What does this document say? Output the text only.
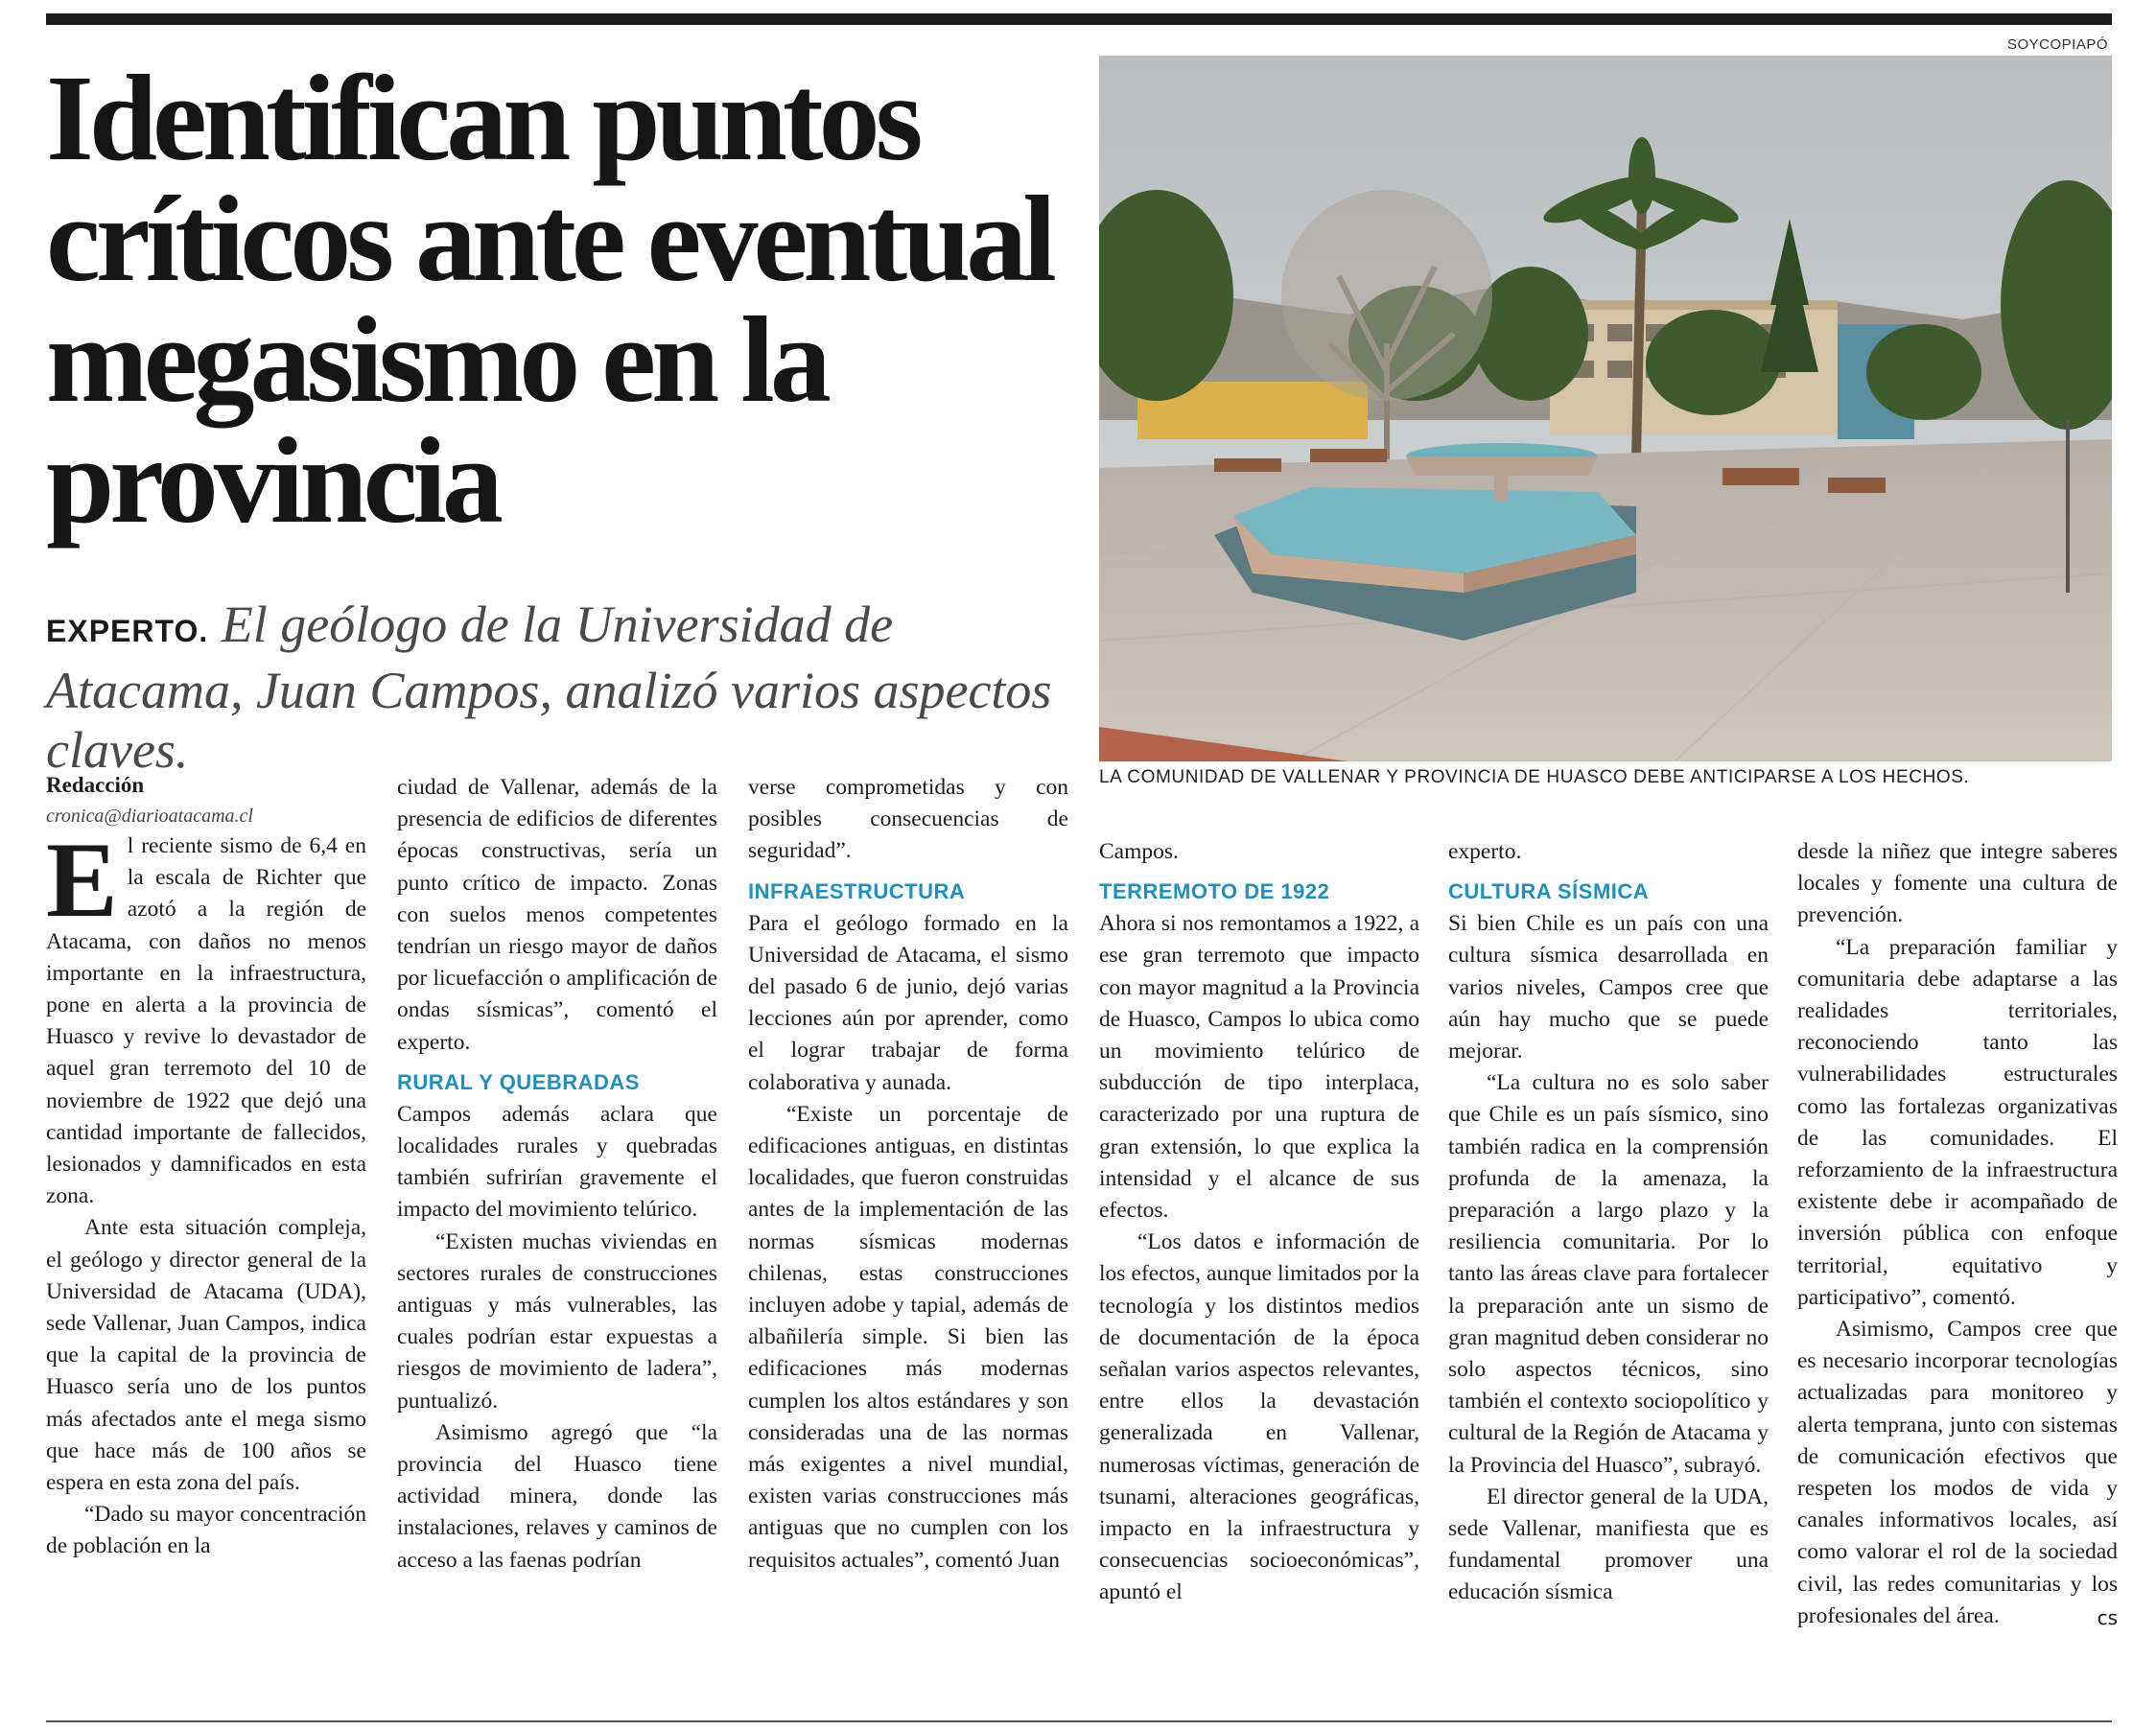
Identifican puntos críticos ante eventual megasismo en la provincia
EXPERTO. El geólogo de la Universidad de Atacama, Juan Campos, analizó varios aspectos claves.
SOYCOPIAPÓ
LA COMUNIDAD DE VALLENAR Y PROVINCIA DE HUASCO DEBE ANTICIPARSE A LOS HECHOS.

Redacción

cronica@diarioatacama.cl

El reciente sismo de 6,4 en la escala de Richter que azotó a la región de Atacama, con daños no menos importante en la infraestructura, pone en alerta a la provincia de Huasco y revive lo devastador de aquel gran terremoto del 10 de noviembre de 1922 que dejó una cantidad importante de fallecidos, lesionados y damnificados en esta zona.

Ante esta situación compleja, el geólogo y director general de la Universidad de Atacama (UDA), sede Vallenar, Juan Campos, indica que la capital de la provincia de Huasco sería uno de los puntos más afectados ante el mega sismo que hace más de 100 años se espera en esta zona del país.

“Dado su mayor concentración de población en la

ciudad de Vallenar, además de la presencia de edificios de diferentes épocas constructivas, sería un punto crítico de impacto. Zonas con suelos menos competentes tendrían un riesgo mayor de daños por licuefacción o amplificación de ondas sísmicas”, comentó el experto.

RURAL Y QUEBRADAS

Campos además aclara que localidades rurales y quebradas también sufrirían gravemente el impacto del movimiento telúrico.

“Existen muchas viviendas en sectores rurales de construcciones antiguas y más vulnerables, las cuales podrían estar expuestas a riesgos de movimiento de ladera”, puntualizó.

Asimismo agregó que “la provincia del Huasco tiene actividad minera, donde las instalaciones, relaves y caminos de acceso a las faenas podrían

verse comprometidas y con posibles consecuencias de seguridad”.

INFRAESTRUCTURA

Para el geólogo formado en la Universidad de Atacama, el sismo del pasado 6 de junio, dejó varias lecciones aún por aprender, como el lograr trabajar de forma colaborativa y aunada.

“Existe un porcentaje de edificaciones antiguas, en distintas localidades, que fueron construidas antes de la implementación de las normas sísmicas modernas chilenas, estas construcciones incluyen adobe y tapial, además de albañilería simple. Si bien las edificaciones más modernas cumplen los altos estándares y son consideradas una de las normas más exigentes a nivel mundial, existen varias construcciones más antiguas que no cumplen con los requisitos actuales”, comentó Juan

Campos.

TERREMOTO DE 1922

Ahora si nos remontamos a 1922, a ese gran terremoto que impacto con mayor magnitud a la Provincia de Huasco, Campos lo ubica como un movimiento telúrico de subducción de tipo interplaca, caracterizado por una ruptura de gran extensión, lo que explica la intensidad y el alcance de sus efectos.

“Los datos e información de los efectos, aunque limitados por la tecnología y los distintos medios de documentación de la época señalan varios aspectos relevantes, entre ellos la devastación generalizada en Vallenar, numerosas víctimas, generación de tsunami, alteraciones geográficas, impacto en la infraestructura y consecuencias socioeconómicas”, apuntó el

experto.

CULTURA SÍSMICA

Si bien Chile es un país con una cultura sísmica desarrollada en varios niveles, Campos cree que aún hay mucho que se puede mejorar.

“La cultura no es solo saber que Chile es un país sísmico, sino también radica en la comprensión profunda de la amenaza, la preparación a largo plazo y la resiliencia comunitaria. Por lo tanto las áreas clave para fortalecer la preparación ante un sismo de gran magnitud deben considerar no solo aspectos técnicos, sino también el contexto sociopolítico y cultural de la Región de Atacama y la Provincia del Huasco”, subrayó.

El director general de la UDA, sede Vallenar, manifiesta que es fundamental promover una educación sísmica

desde la niñez que integre saberes locales y fomente una cultura de prevención.

“La preparación familiar y comunitaria debe adaptarse a las realidades territoriales, reconociendo tanto las vulnerabilidades estructurales como las fortalezas organizativas de las comunidades. El reforzamiento de la infraestructura existente debe ir acompañado de inversión pública con enfoque territorial, equitativo y participativo”, comentó.

Asimismo, Campos cree que es necesario incorporar tecnologías actualizadas para monitoreo y alerta temprana, junto con sistemas de comunicación efectivos que respeten los modos de vida y canales informativos locales, así como valorar el rol de la sociedad civil, las redes comunitarias y los profesionales del área.	cs
